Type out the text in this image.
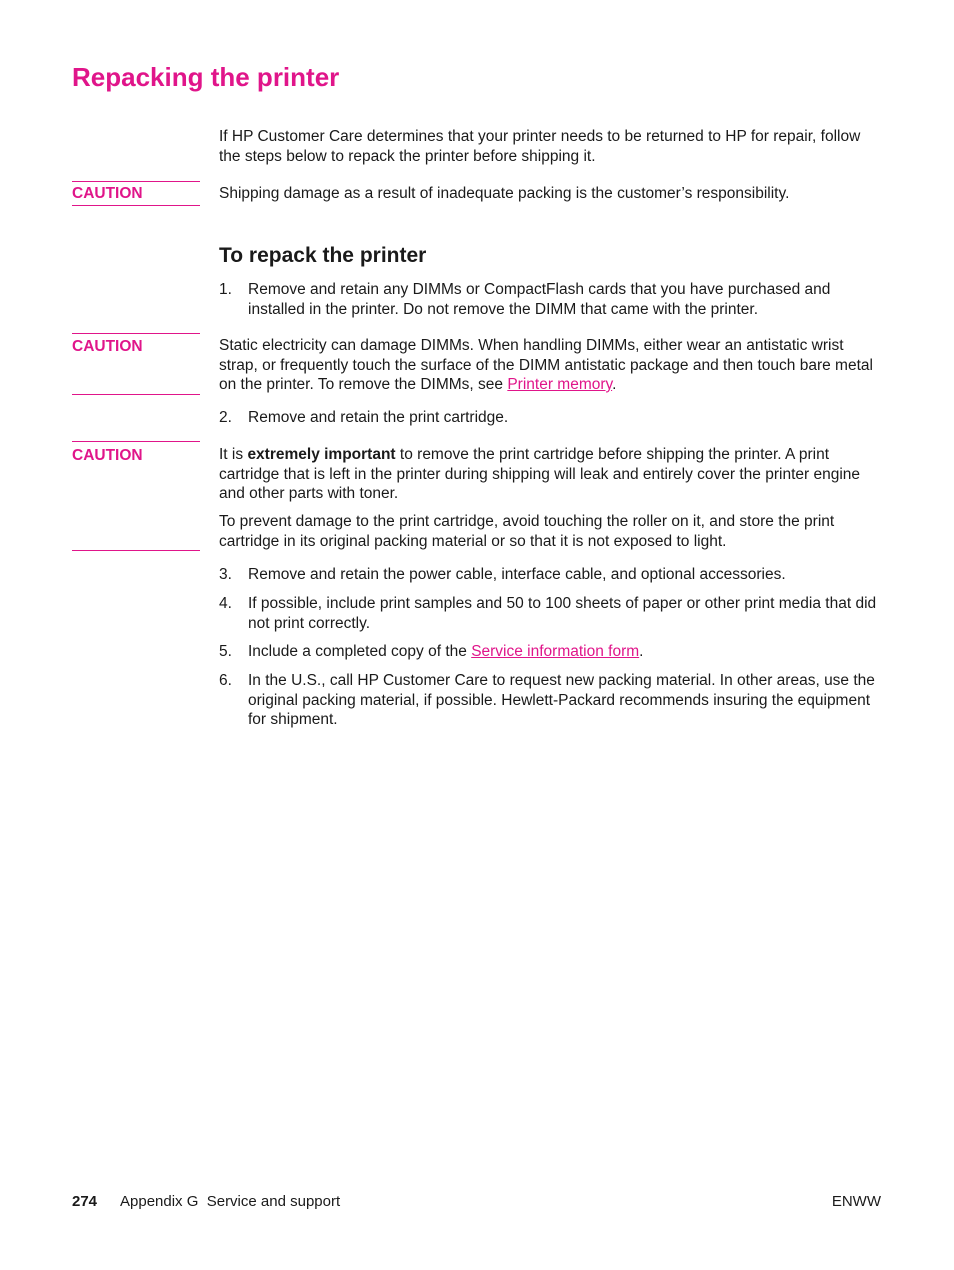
Repacking the printer

If HP Customer Care determines that your printer needs to be returned to HP for repair, follow the steps below to repack the printer before shipping it.

CAUTION	Shipping damage as a result of inadequate packing is the customer’s responsibility.

To repack the printer
1.	Remove and retain any DIMMs or CompactFlash cards that you have purchased and installed in the printer. Do not remove the DIMM that came with the printer.
CAUTION	Static electricity can damage DIMMs. When handling DIMMs, either wear an antistatic wrist strap, or frequently touch the surface of the DIMM antistatic package and then touch bare metal on the printer. To remove the DIMMs, see Printer memory.

2.	Remove and retain the print cartridge.
CAUTION	It is extremely important to remove the print cartridge before shipping the printer. A print cartridge that is left in the printer during shipping will leak and entirely cover the printer engine and other parts with toner.

To prevent damage to the print cartridge, avoid touching the roller on it, and store the print cartridge in its original packing material or so that it is not exposed to light.

3.	Remove and retain the power cable, interface cable, and optional accessories.
4.	If possible, include print samples and 50 to 100 sheets of paper or other print media that did not print correctly.
5.	Include a completed copy of the Service information form.
6.	In the U.S., call HP Customer Care to request new packing material. In other areas, use the original packing material, if possible. Hewlett-Packard recommends insuring the equipment for shipment.
274 Appendix G  Service and support	ENWW
